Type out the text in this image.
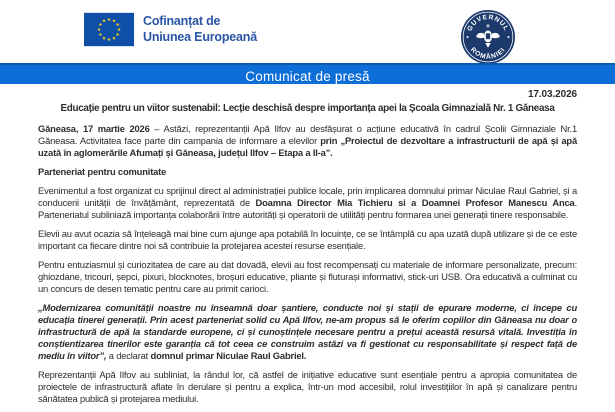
Cofinanțat de
Uniunea Europeană
GUVERNUL
ROMÂNIEI
Comunicat de presă
17.03.2026
Educație pentru un viitor sustenabil: Lecție deschisă despre importanța apei la Școala Gimnazială Nr. 1 Găneasa

Găneasa, 17 martie 2026 – Astăzi, reprezentanții Apă Ilfov au desfășurat o acțiune educativă în cadrul Școlii Gimnaziale Nr.1 Găneasa. Activitatea face parte din campania de informare a elevilor prin „Proiectul de dezvoltare a infrastructurii de apă și apă uzată în aglomerările Afumați și Găneasa, județul Ilfov – Etapa a II-a”.

Parteneriat pentru comunitate

Evenimentul a fost organizat cu sprijinul direct al administrației publice locale, prin implicarea domnului primar Niculae Raul Gabriel, și a conducerii unității de învățământ, reprezentată de Doamna Director Mia Tichieru si a Doamnei Profesor Manescu Anca. Parteneriatul subliniază importanța colaborării între autorități și operatorii de utilități pentru formarea unei generații tinere responsabile.

Elevii au avut ocazia să înțeleagă mai bine cum ajunge apa potabilă în locuințe, ce se întâmplă cu apa uzată după utilizare și de ce este important ca fiecare dintre noi să contribuie la protejarea acestei resurse esențiale.

Pentru entuziasmul și curiozitatea de care au dat dovadă, elevii au fost recompensați cu materiale de informare personalizate, precum: ghiozdane, tricouri, șepci, pixuri, blocknotes, broșuri educative, pliante și fluturași informativi, stick-uri USB. Ora educativă a culminat cu un concurs de desen tematic pentru care au primit carioci.

„Modernizarea comunității noastre nu înseamnă doar șantiere, conducte noi și stații de epurare moderne, ci începe cu educația tinerei generații. Prin acest parteneriat solid cu Apă Ilfov, ne-am propus să le oferim copiilor din Găneasa nu doar o infrastructură de apă la standarde europene, ci și cunoștințele necesare pentru a prețui această resursă vitală. Investiția în conștientizarea tinerilor este garanția că tot ceea ce construim astăzi va fi gestionat cu responsabilitate și respect față de mediu în viitor”, a declarat domnul primar Niculae Raul Gabriel.

Reprezentanții Apă Ilfov au subliniat, la rândul lor, că astfel de inițiative educative sunt esențiale pentru a apropia comunitatea de proiectele de infrastructură aflate în derulare și pentru a explica, într-un mod accesibil, rolul investițiilor în apă și canalizare pentru sănătatea publică și protejarea mediului.
